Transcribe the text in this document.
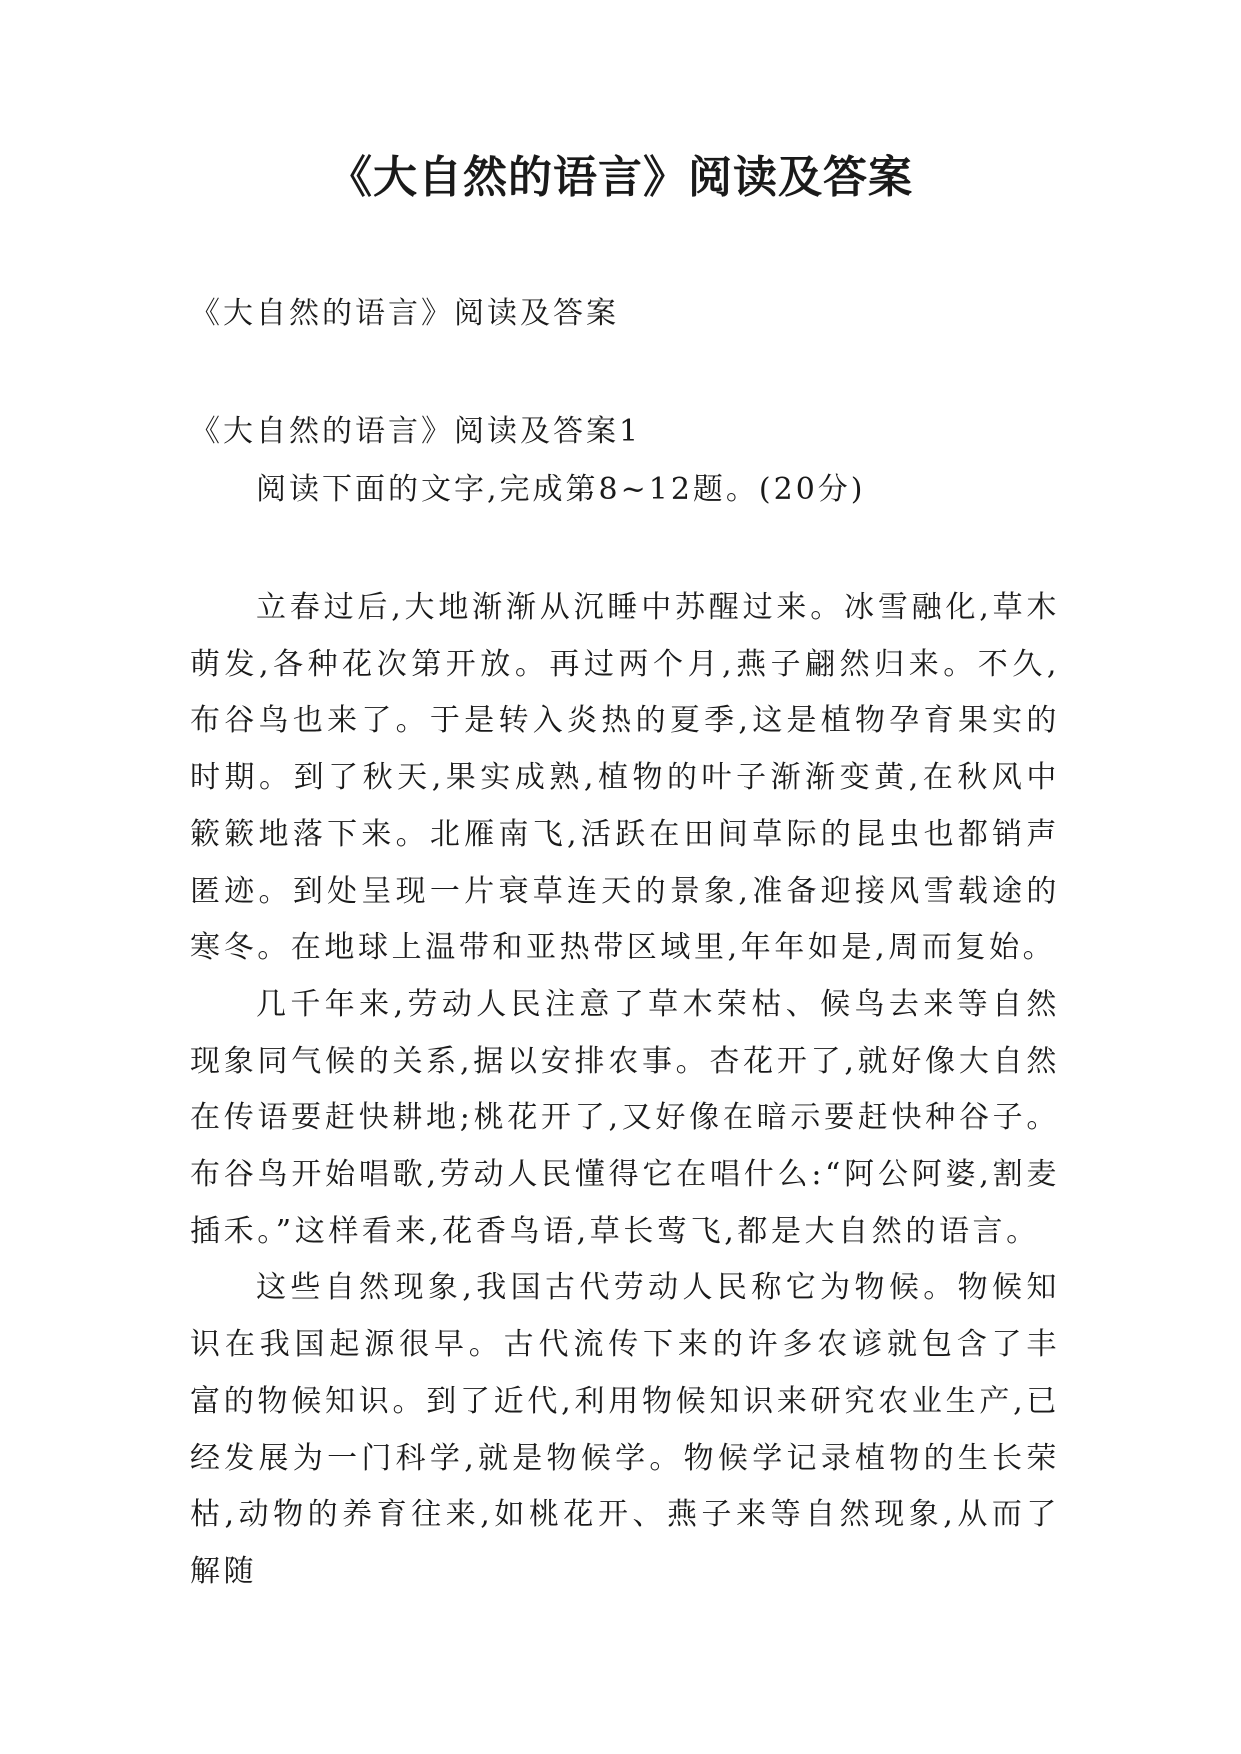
《大自然的语言》阅读及答案

《大自然的语言》阅读及答案

《大自然的语言》阅读及答案1

阅读下面的文字,完成第8~12题。(20分)

立春过后,大地渐渐从沉睡中苏醒过来。冰雪融化,草木萌发,各种花次第开放。再过两个月,燕子翩然归来。不久,布谷鸟也来了。于是转入炎热的夏季,这是植物孕育果实的时期。到了秋天,果实成熟,植物的叶子渐渐变黄,在秋风中簌簌地落下来。北雁南飞,活跃在田间草际的昆虫也都销声匿迹。到处呈现一片衰草连天的景象,准备迎接风雪载途的寒冬。在地球上温带和亚热带区域里,年年如是,周而复始。

几千年来,劳动人民注意了草木荣枯、候鸟去来等自然现象同气候的关系,据以安排农事。杏花开了,就好像大自然在传语要赶快耕地;桃花开了,又好像在暗示要赶快种谷子。布谷鸟开始唱歌,劳动人民懂得它在唱什么:“阿公阿婆,割麦插禾。”这样看来,花香鸟语,草长莺飞,都是大自然的语言。

这些自然现象,我国古代劳动人民称它为物候。物候知识在我国起源很早。古代流传下来的许多农谚就包含了丰富的物候知识。到了近代,利用物候知识来研究农业生产,已经发展为一门科学,就是物候学。物候学记录植物的生长荣枯,动物的养育往来,如桃花开、燕子来等自然现象,从而了解随
